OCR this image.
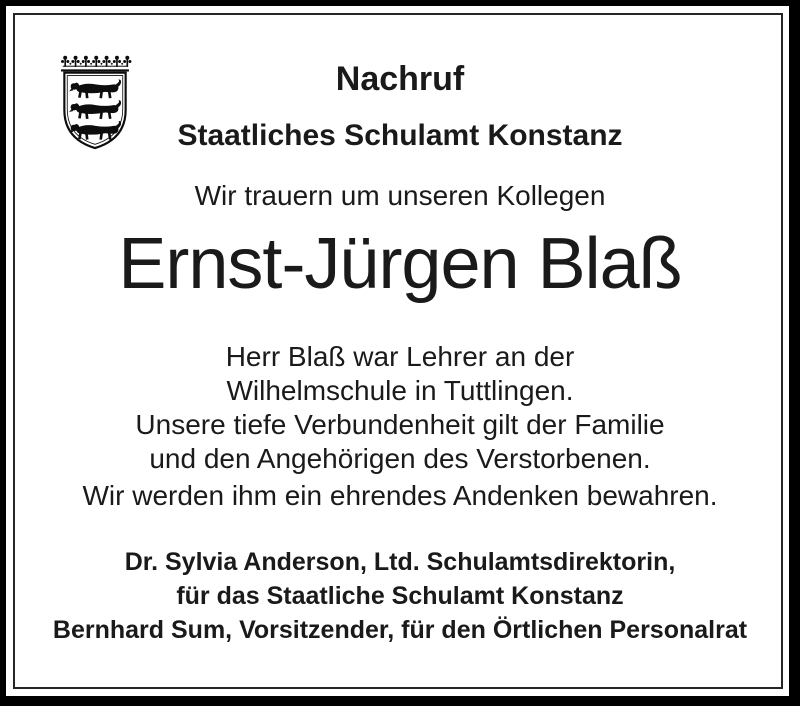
Nachruf
Staatliches Schulamt Konstanz
Wir trauern um unseren Kollegen
Ernst-Jürgen Blaß
Herr Blaß war Lehrer an der
Wilhelmschule in Tuttlingen.
Unsere tiefe Verbundenheit gilt der Familie
und den Angehörigen des Verstorbenen.
Wir werden ihm ein ehrendes Andenken bewahren.
Dr. Sylvia Anderson, Ltd. Schulamtsdirektorin,
für das Staatliche Schulamt Konstanz
Bernhard Sum, Vorsitzender, für den Örtlichen Personalrat
